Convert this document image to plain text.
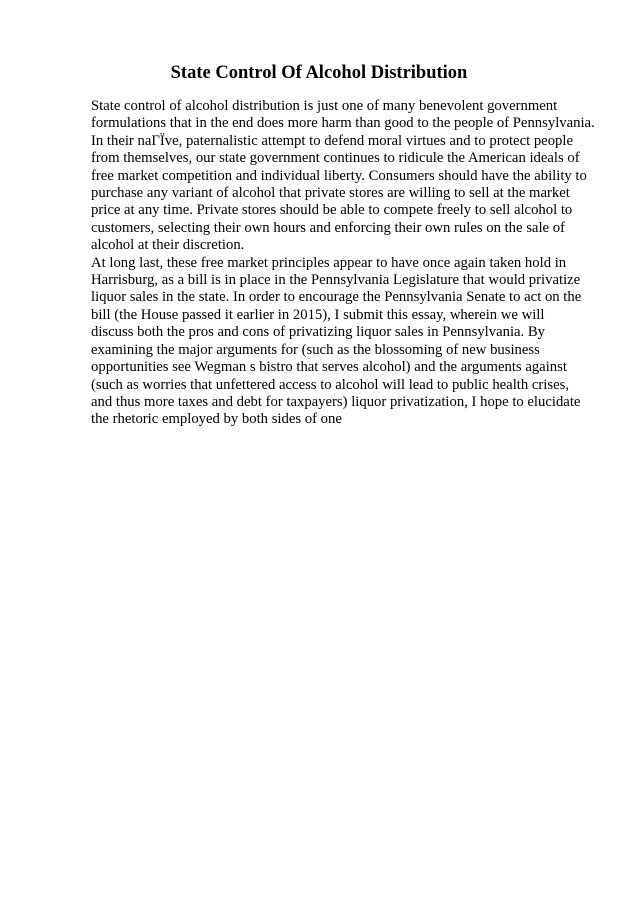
State Control Of Alcohol Distribution
State control of alcohol distribution is just one of many benevolent government
formulations that in the end does more harm than good to the people of Pennsylvania.
In their naГЇve, paternalistic attempt to defend moral virtues and to protect people
from themselves, our state government continues to ridicule the American ideals of
free market competition and individual liberty. Consumers should have the ability to
purchase any variant of alcohol that private stores are willing to sell at the market
price at any time. Private stores should be able to compete freely to sell alcohol to
customers, selecting their own hours and enforcing their own rules on the sale of
alcohol at their discretion.
At long last, these free market principles appear to have once again taken hold in
Harrisburg, as a bill is in place in the Pennsylvania Legislature that would privatize
liquor sales in the state. In order to encourage the Pennsylvania Senate to act on the
bill (the House passed it earlier in 2015), I submit this essay, wherein we will
discuss both the pros and cons of privatizing liquor sales in Pennsylvania. By
examining the major arguments for (such as the blossoming of new business
opportunities see Wegman s bistro that serves alcohol) and the arguments against
(such as worries that unfettered access to alcohol will lead to public health crises,
and thus more taxes and debt for taxpayers) liquor privatization, I hope to elucidate
the rhetoric employed by both sides of one
